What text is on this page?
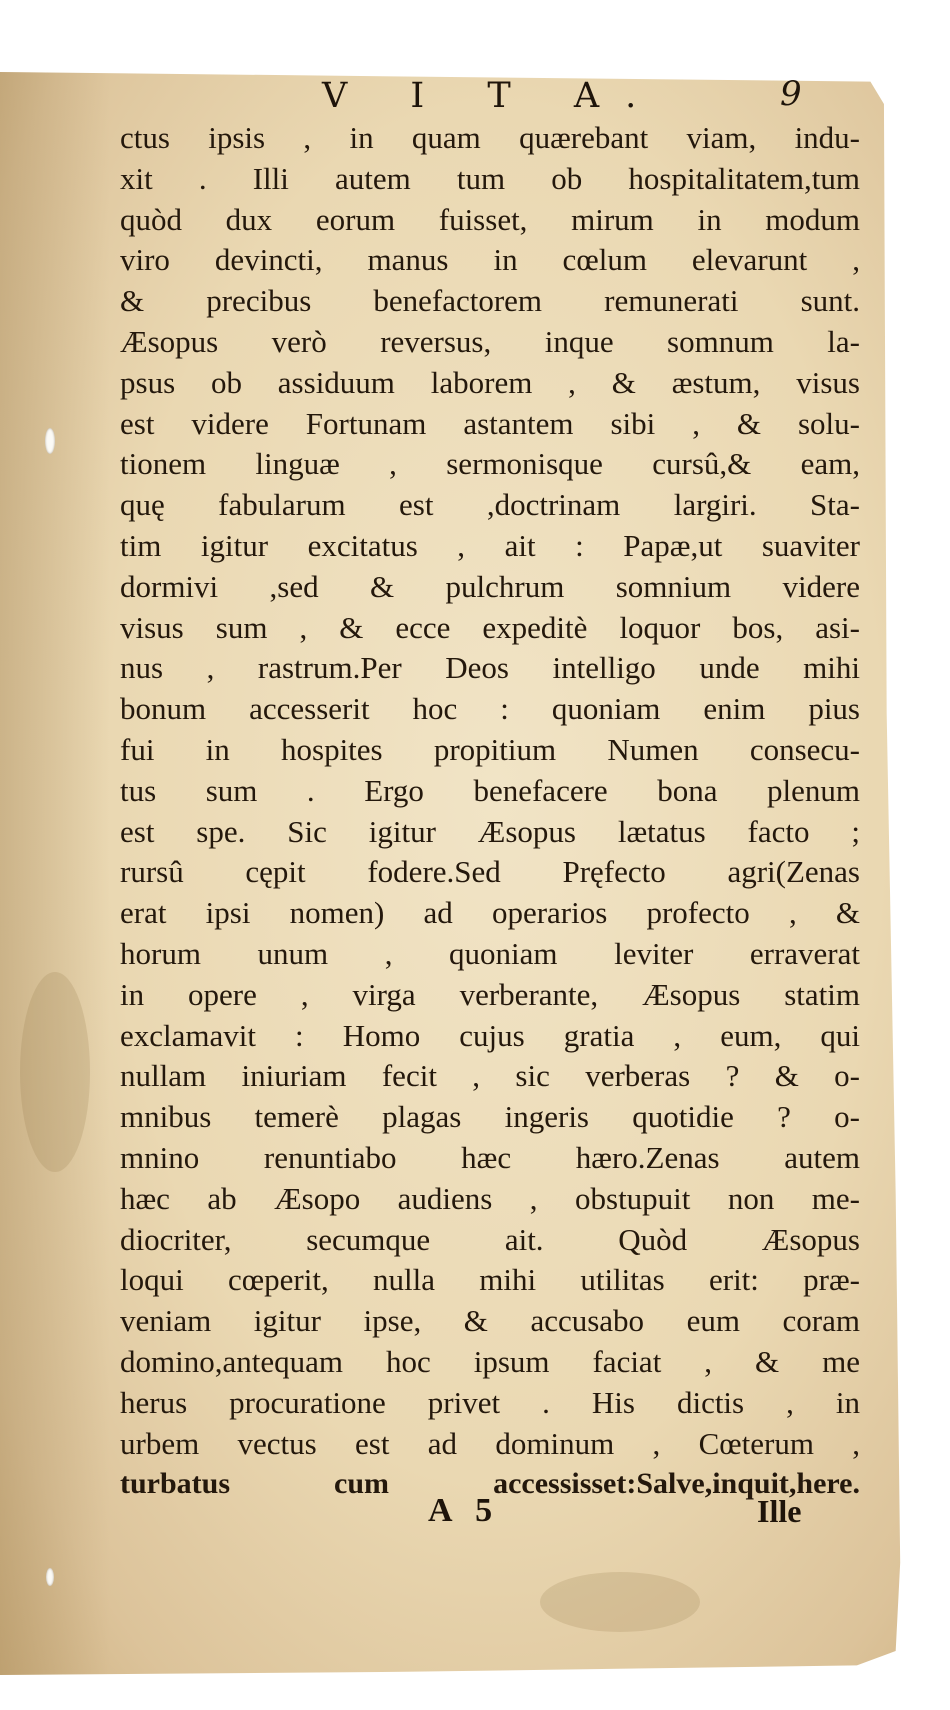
V I T A.	9
ctus ipsis , in quam quærebant viam, indu-
xit . Illi autem tum ob hospitalitatem,tum
quòd dux eorum fuisset, mirum in modum
viro devincti, manus in cœlum elevarunt ,
& precibus benefactorem remunerati sunt.
Æsopus verò reversus, inque somnum la-
psus ob assiduum laborem , & æstum, visus
est videre Fortunam astantem sibi , & solu-
tionem linguæ , sermonisque cursû,& eam,
quę fabularum est ,doctrinam largiri. Sta-
tim igitur excitatus , ait : Papæ,ut suaviter
dormivi ,sed & pulchrum somnium videre
visus sum , & ecce expeditè loquor bos, asi-
nus , rastrum.Per Deos intelligo unde mihi
bonum accesserit hoc : quoniam enim pius
fui in hospites propitium Numen consecu-
tus sum . Ergo benefacere bona plenum
est spe. Sic igitur Æsopus lætatus facto ;
rursû cępit fodere.Sed Pręfecto agri(Zenas
erat ipsi nomen) ad operarios profecto , &
horum unum , quoniam leviter erraverat
in opere , virga verberante, Æsopus statim
exclamavit : Homo cujus gratia , eum, qui
nullam iniuriam fecit , sic verberas ? & o-
mnibus temerè plagas ingeris quotidie ? o-
mnino renuntiabo hæc hæro.Zenas autem
hæc ab Æsopo audiens , obstupuit non me-
diocriter, secumque ait. Quòd Æsopus
loqui cœperit, nulla mihi utilitas erit: præ-
veniam igitur ipse, & accusabo eum coram
domino,antequam hoc ipsum faciat , & me
herus procuratione privet . His dictis , in
urbem vectus est ad dominum , Cœterum ,
turbatus cum accessisset:Salve,inquit,here.
A 5	Ille
